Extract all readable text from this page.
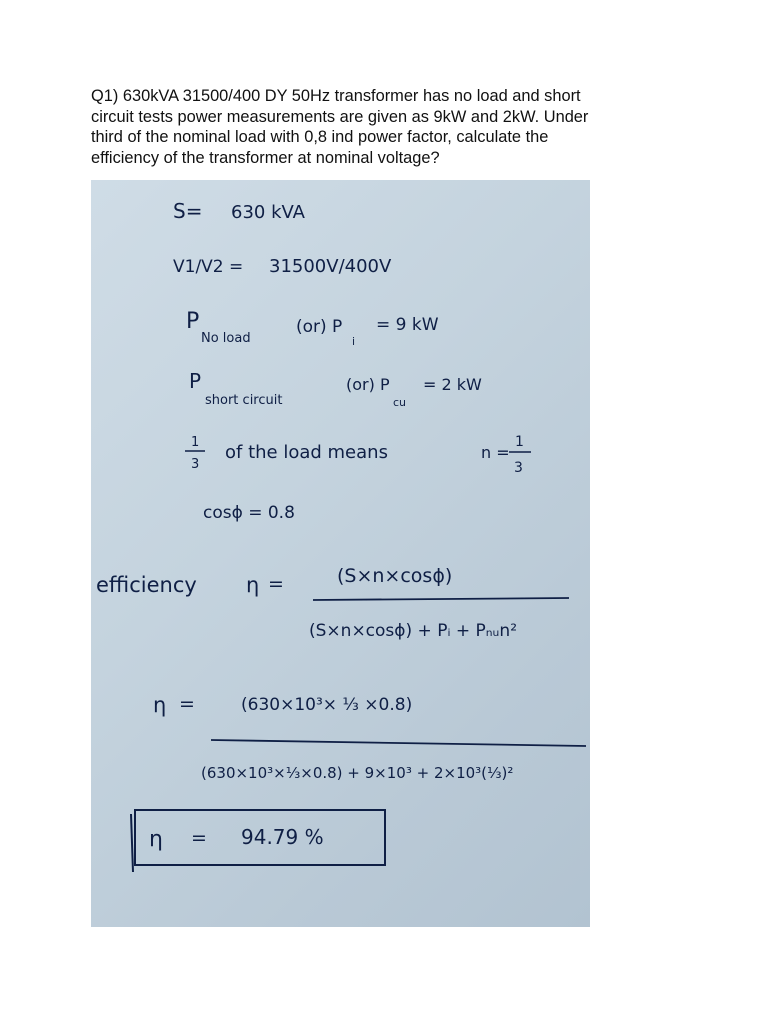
Q1) 630kVA 31500/400 DY 50Hz transformer has no load and short
circuit tests power measurements are given as 9kW and 2kW. Under
third of the nominal load with 0,8 ind power factor, calculate the
efficiency of the transformer at nominal voltage?
S= 630 kVA
V1/V2 = 31500V/400V
P
No load
(or) P
i
= 9 kW
P
short circuit
(or) P
cu
= 2 kW
1
3
of the load means	n =
1
3
cosϕ = 0.8
efficiency η =	(S×n×cosϕ)
(S×n×cosϕ) + Pᵢ + Pₙᵤn²
η =	(630×10³× ⅓ ×0.8)
(630×10³×⅓×0.8) + 9×10³ + 2×10³(⅓)²
η = 94.79 %
